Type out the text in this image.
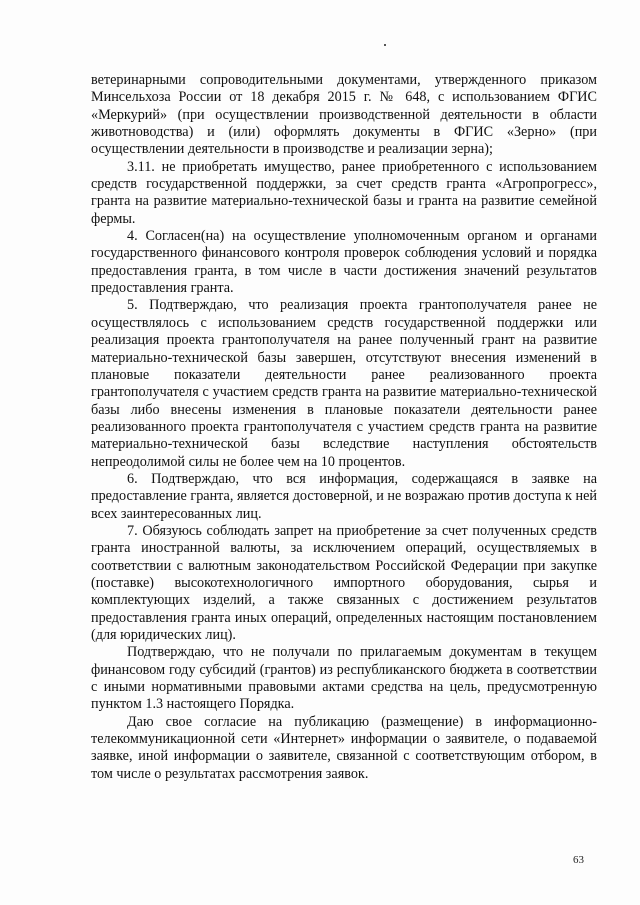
ветеринарными сопроводительными документами, утвержденного приказом Минсельхоза России от 18 декабря 2015 г. № 648, с использованием ФГИС «Меркурий» (при осуществлении производственной деятельности в области животноводства) и (или) оформлять документы в ФГИС «Зерно» (при осуществлении деятельности в производстве и реализации зерна);

3.11. не приобретать имущество, ранее приобретенного с использованием средств государственной поддержки, за счет средств гранта «Агропрогресс», гранта на развитие материально-технической базы и гранта на развитие семейной фермы.

4. Согласен(на) на осуществление уполномоченным органом и органами государственного финансового контроля проверок соблюдения условий и порядка предоставления гранта, в том числе в части достижения значений результатов предоставления гранта.

5. Подтверждаю, что реализация проекта грантополучателя ранее не осуществлялось с использованием средств государственной поддержки или реализация проекта грантополучателя на ранее полученный грант на развитие материально-технической базы завершен, отсутствуют внесения изменений в плановые показатели деятельности ранее реализованного проекта грантополучателя с участием средств гранта на развитие материально-технической базы либо внесены изменения в плановые показатели деятельности ранее реализованного проекта грантополучателя с участием средств гранта на развитие материально-технической базы вследствие наступления обстоятельств непреодолимой силы не более чем на 10 процентов.

6. Подтверждаю, что вся информация, содержащаяся в заявке на предоставление гранта, является достоверной, и не возражаю против доступа к ней всех заинтересованных лиц.

7. Обязуюсь соблюдать запрет на приобретение за счет полученных средств гранта иностранной валюты, за исключением операций, осуществляемых в соответствии с валютным законодательством Российской Федерации при закупке (поставке) высокотехнологичного импортного оборудования, сырья и комплектующих изделий, а также связанных с достижением результатов предоставления гранта иных операций, определенных настоящим постановлением (для юридических лиц).

Подтверждаю, что не получали по прилагаемым документам в текущем финансовом году субсидий (грантов) из республиканского бюджета в соответствии с иными нормативными правовыми актами средства на цель, предусмотренную пунктом 1.3 настоящего Порядка.

Даю свое согласие на публикацию (размещение) в информационно-телекоммуникационной сети «Интернет» информации о заявителе, о подаваемой заявке, иной информации о заявителе, связанной с соответствующим отбором, в том числе о результатах рассмотрения заявок.

63
